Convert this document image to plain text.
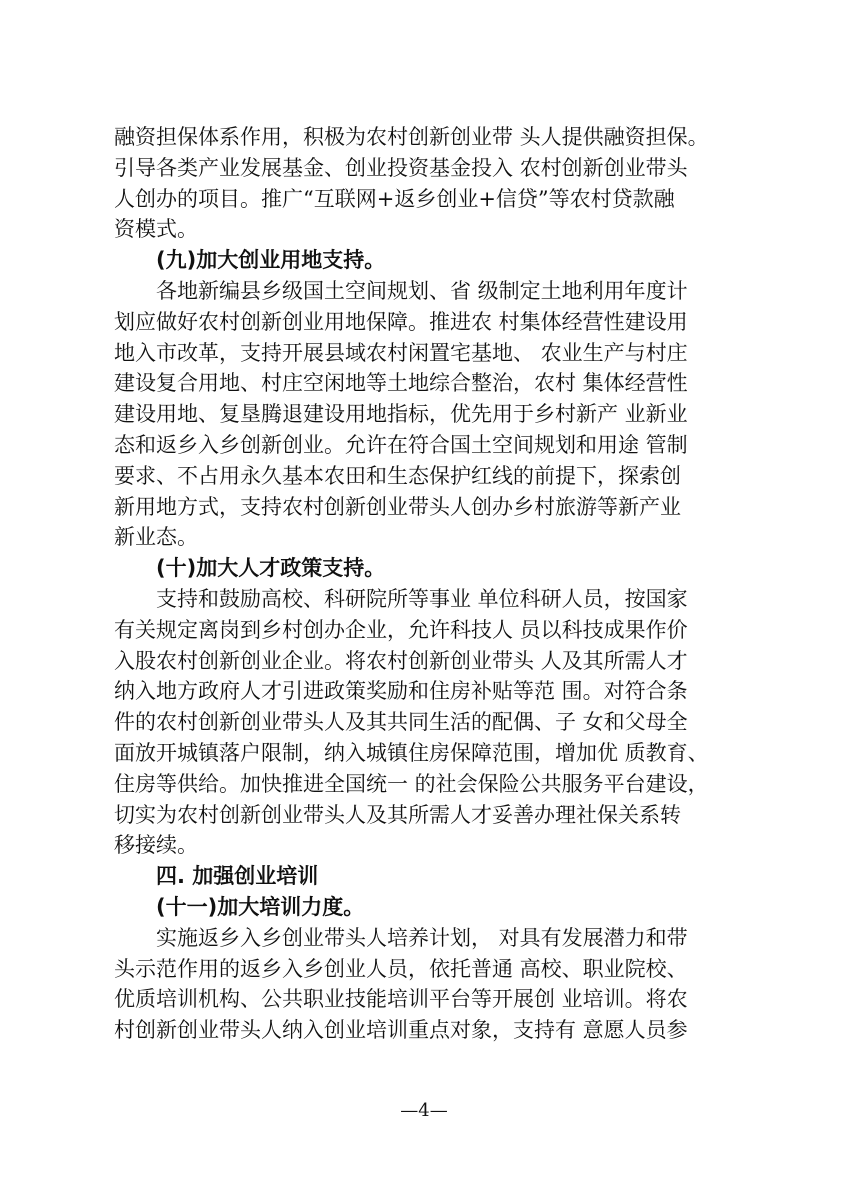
融资担保体系作用，积极为农村创新创业带 头人提供融资担保。
引导各类产业发展基金、创业投资基金投入 农村创新创业带头
人创办的项目。推广“互联网+返乡创业+信贷”等农村贷款融
资模式。
(九)加大创业用地支持。
各地新编县乡级国土空间规划、省 级制定土地利用年度计
划应做好农村创新创业用地保障。推进农 村集体经营性建设用
地入市改革，支持开展县域农村闲置宅基地、 农业生产与村庄
建设复合用地、村庄空闲地等土地综合整治，农村 集体经营性
建设用地、复垦腾退建设用地指标，优先用于乡村新产 业新业
态和返乡入乡创新创业。允许在符合国土空间规划和用途 管制
要求、不占用永久基本农田和生态保护红线的前提下，探索创
新用地方式，支持农村创新创业带头人创办乡村旅游等新产业
新业态。
(十)加大人才政策支持。
支持和鼓励高校、科研院所等事业 单位科研人员，按国家
有关规定离岗到乡村创办企业，允许科技人 员以科技成果作价
入股农村创新创业企业。将农村创新创业带头 人及其所需人才
纳入地方政府人才引进政策奖励和住房补贴等范 围。对符合条
件的农村创新创业带头人及其共同生活的配偶、子 女和父母全
面放开城镇落户限制，纳入城镇住房保障范围，增加优 质教育、
住房等供给。加快推进全国统一 的社会保险公共服务平台建设，
切实为农村创新创业带头人及其所需人才妥善办理社保关系转
移接续。
四. 加强创业培训
(十一)加大培训力度。
实施返乡入乡创业带头人培养计划， 对具有发展潜力和带
头示范作用的返乡入乡创业人员，依托普通 高校、职业院校、
优质培训机构、公共职业技能培训平台等开展创 业培训。将农
村创新创业带头人纳入创业培训重点对象，支持有 意愿人员参
—4—
